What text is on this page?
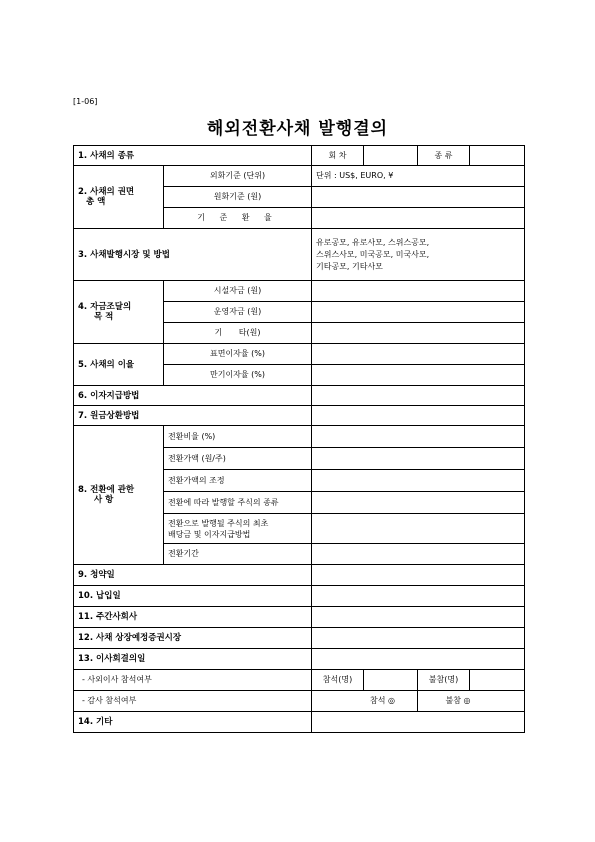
[1-06]
해외전환사채 발행결의
1. 사채의 종류		회 차		종 류	

2. 사채의 권면
총 액	외화기준 (단위)	단위 : US$, EURO, ¥			
	원화기준 (원)				
	기 준 환 율				
3. 사채발행시장 및 방법		유로공모, 유로사모, 스위스공모,
스위스사모, 미국공모, 미국사모,
기타공모, 기타사모			

4. 자금조달의
목 적	시설자금 (원)				
	운영자금 (원)				
	기 타(원)				
5. 사채의 이율	표면이자율 (%)				
	만기이자율 (%)				
6. 이자지급방법					
7. 원금상환방법					

8. 전환에 관한
사 항	전환비율 (%)				
	전환가액 (원/주)				
	전환가액의 조정				
	전환에 따라 발행할 주식의 종류				

	전환으로 발행될 주식의 최초
배당금 및 이자지급방법				

	전환기간				
9. 청약일					
10. 납입일					
11. 주간사회사					
12. 사채 상장예정증권시장					
13. 이사회결의일					
- 사외이사 참석여부		참석(명)		불참(명)	
- 감사 참석여부		참석 ◎		불참 ◎	
14. 기타					
